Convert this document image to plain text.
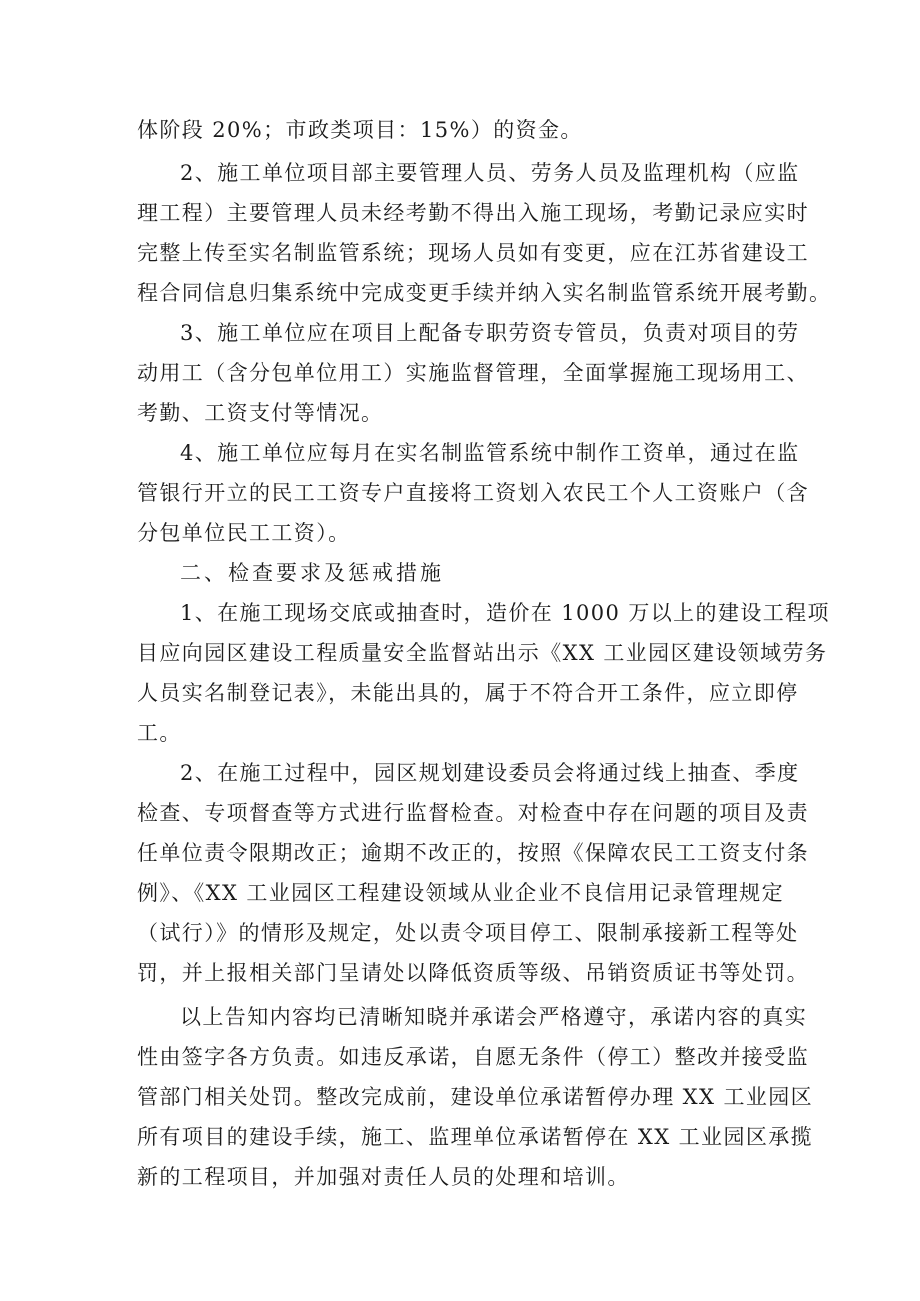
体阶段 20%；市政类项目：15%）的资金。
2、施工单位项目部主要管理人员、劳务人员及监理机构（应监
理工程）主要管理人员未经考勤不得出入施工现场，考勤记录应实时
完整上传至实名制监管系统；现场人员如有变更，应在江苏省建设工
程合同信息归集系统中完成变更手续并纳入实名制监管系统开展考勤。
3、施工单位应在项目上配备专职劳资专管员，负责对项目的劳
动用工（含分包单位用工）实施监督管理，全面掌握施工现场用工、
考勤、工资支付等情况。
4、施工单位应每月在实名制监管系统中制作工资单，通过在监
管银行开立的民工工资专户直接将工资划入农民工个人工资账户（含
分包单位民工工资）。
二、检查要求及惩戒措施
1、在施工现场交底或抽查时，造价在 1000 万以上的建设工程项
目应向园区建设工程质量安全监督站出示《XX 工业园区建设领域劳务
人员实名制登记表》，未能出具的，属于不符合开工条件，应立即停
工。
2、在施工过程中，园区规划建设委员会将通过线上抽查、季度
检查、专项督查等方式进行监督检查。对检查中存在问题的项目及责
任单位责令限期改正；逾期不改正的，按照《保障农民工工资支付条
例》、《XX 工业园区工程建设领域从业企业不良信用记录管理规定
（试行）》的情形及规定，处以责令项目停工、限制承接新工程等处
罚，并上报相关部门呈请处以降低资质等级、吊销资质证书等处罚。
以上告知内容均已清晰知晓并承诺会严格遵守，承诺内容的真实
性由签字各方负责。如违反承诺，自愿无条件（停工）整改并接受监
管部门相关处罚。整改完成前，建设单位承诺暂停办理 XX 工业园区
所有项目的建设手续，施工、监理单位承诺暂停在 XX 工业园区承揽
新的工程项目，并加强对责任人员的处理和培训。
